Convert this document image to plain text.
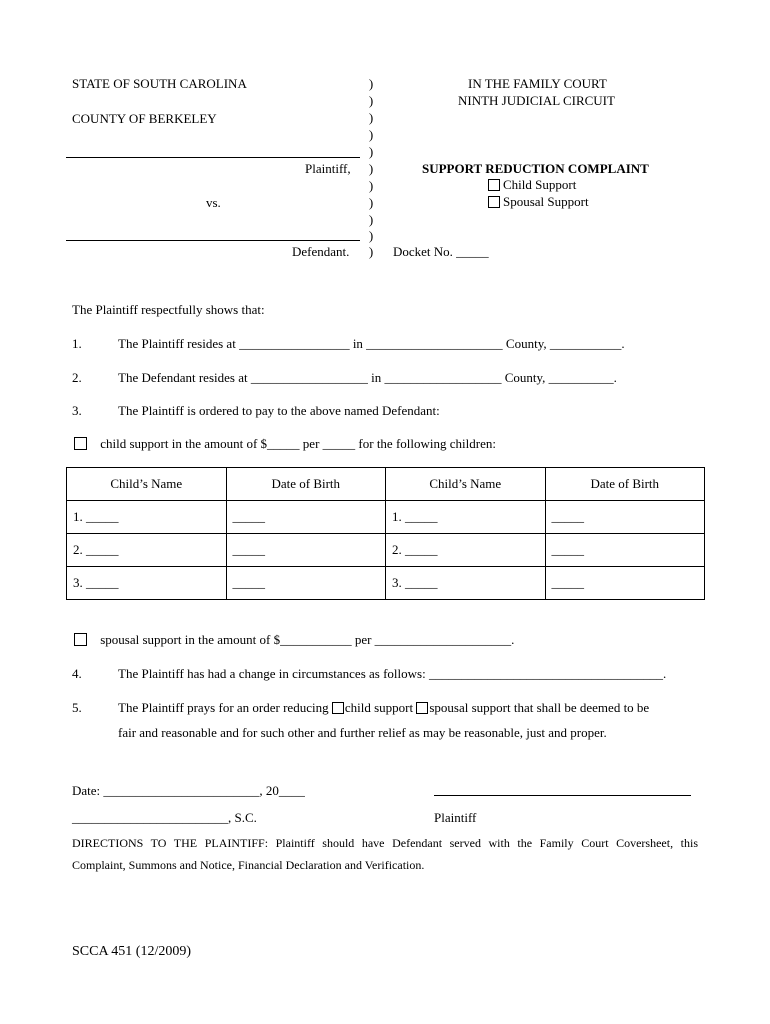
STATE OF SOUTH CAROLINA
COUNTY OF BERKELEY
Plaintiff,
vs.
Defendant.
)
)
)
)
)
)
)
)
)
)
)
IN THE FAMILY COURT
NINTH JUDICIAL CIRCUIT
SUPPORT REDUCTION COMPLAINT
Child Support
Spousal Support
Docket No. _____
The Plaintiff respectfully shows that:
1.	The Plaintiff resides at _________________ in _____________________ County, ___________.
2.	The Defendant resides at __________________ in __________________ County, __________.
3.	The Plaintiff is ordered to pay to the above named Defendant:
child support in the amount of $_____ per _____ for the following children:
Child’s Name	Date of Birth	Child’s Name	Date of Birth
1. _____	_____	1. _____	_____
2. _____	_____	2. _____	_____
3. _____	_____	3. _____	_____
spousal support in the amount of $___________ per _____________________.
4.	The Plaintiff has had a change in circumstances as follows: ____________________________________.
5.	The Plaintiff prays for an order reducing child support spousal support that shall be deemed to be
fair and reasonable and for such other and further relief as may be reasonable, just and proper.
Date: ________________________, 20____
________________________, S.C.	Plaintiff
DIRECTIONS TO THE PLAINTIFF: Plaintiff should have Defendant served with the Family Court Coversheet, this
Complaint, Summons and Notice, Financial Declaration and Verification.
SCCA 451 (12/2009)
